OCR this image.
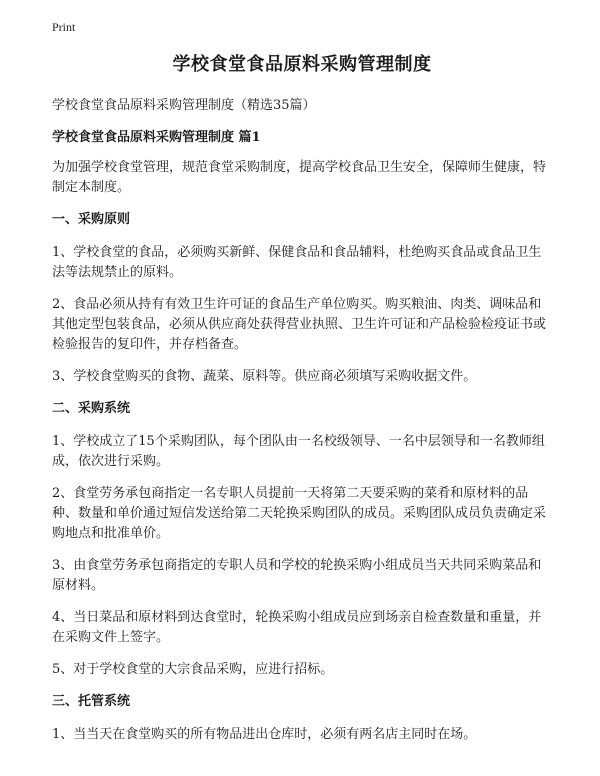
Print
学校食堂食品原料采购管理制度
学校食堂食品原料采购管理制度（精选35篇）
学校食堂食品原料采购管理制度 篇1
为加强学校食堂管理，规范食堂采购制度，提高学校食品卫生安全，保障师生健康，特制定本制度。
一、采购原则
1、学校食堂的食品，必须购买新鲜、保健食品和食品辅料，杜绝购买食品或食品卫生法等法规禁止的原料。
2、食品必须从持有有效卫生许可证的食品生产单位购买。购买粮油、肉类、调味品和其他定型包装食品，必须从供应商处获得营业执照、卫生许可证和产品检验检疫证书或检验报告的复印件，并存档备查。
3、学校食堂购买的食物、蔬菜、原料等。供应商必须填写采购收据文件。
二、采购系统
1、学校成立了15个采购团队，每个团队由一名校级领导、一名中层领导和一名教师组成，依次进行采购。
2、食堂劳务承包商指定一名专职人员提前一天将第二天要采购的菜肴和原材料的品种、数量和单价通过短信发送给第二天轮换采购团队的成员。采购团队成员负责确定采购地点和批准单价。
3、由食堂劳务承包商指定的专职人员和学校的轮换采购小组成员当天共同采购菜品和原材料。
4、当日菜品和原材料到达食堂时，轮换采购小组成员应到场亲自检查数量和重量，并在采购文件上签字。
5、对于学校食堂的大宗食品采购，应进行招标。
三、托管系统
1、当当天在食堂购买的所有物品进出仓库时，必须有两名店主同时在场。
